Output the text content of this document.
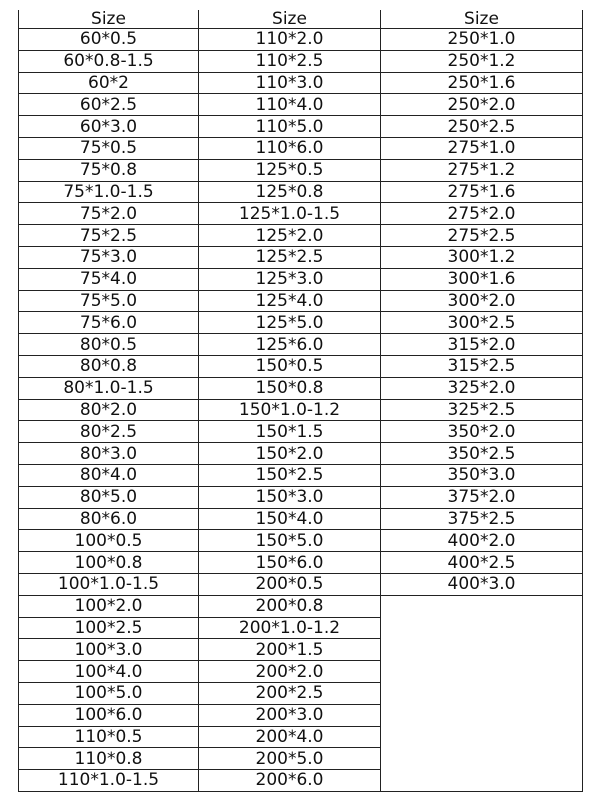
Size	Size	Size
60*0.5	110*2.0	250*1.0
60*0.8-1.5	110*2.5	250*1.2
60*2	110*3.0	250*1.6
60*2.5	110*4.0	250*2.0
60*3.0	110*5.0	250*2.5
75*0.5	110*6.0	275*1.0
75*0.8	125*0.5	275*1.2
75*1.0-1.5	125*0.8	275*1.6
75*2.0	125*1.0-1.5	275*2.0
75*2.5	125*2.0	275*2.5
75*3.0	125*2.5	300*1.2
75*4.0	125*3.0	300*1.6
75*5.0	125*4.0	300*2.0
75*6.0	125*5.0	300*2.5
80*0.5	125*6.0	315*2.0
80*0.8	150*0.5	315*2.5
80*1.0-1.5	150*0.8	325*2.0
80*2.0	150*1.0-1.2	325*2.5
80*2.5	150*1.5	350*2.0
80*3.0	150*2.0	350*2.5
80*4.0	150*2.5	350*3.0
80*5.0	150*3.0	375*2.0
80*6.0	150*4.0	375*2.5
100*0.5	150*5.0	400*2.0
100*0.8	150*6.0	400*2.5
100*1.0-1.5	200*0.5	400*3.0
100*2.0	200*0.8	
100*2.5	200*1.0-1.2	
100*3.0	200*1.5	
100*4.0	200*2.0	
100*5.0	200*2.5	
100*6.0	200*3.0	
110*0.5	200*4.0	
110*0.8	200*5.0	
110*1.0-1.5	200*6.0	
